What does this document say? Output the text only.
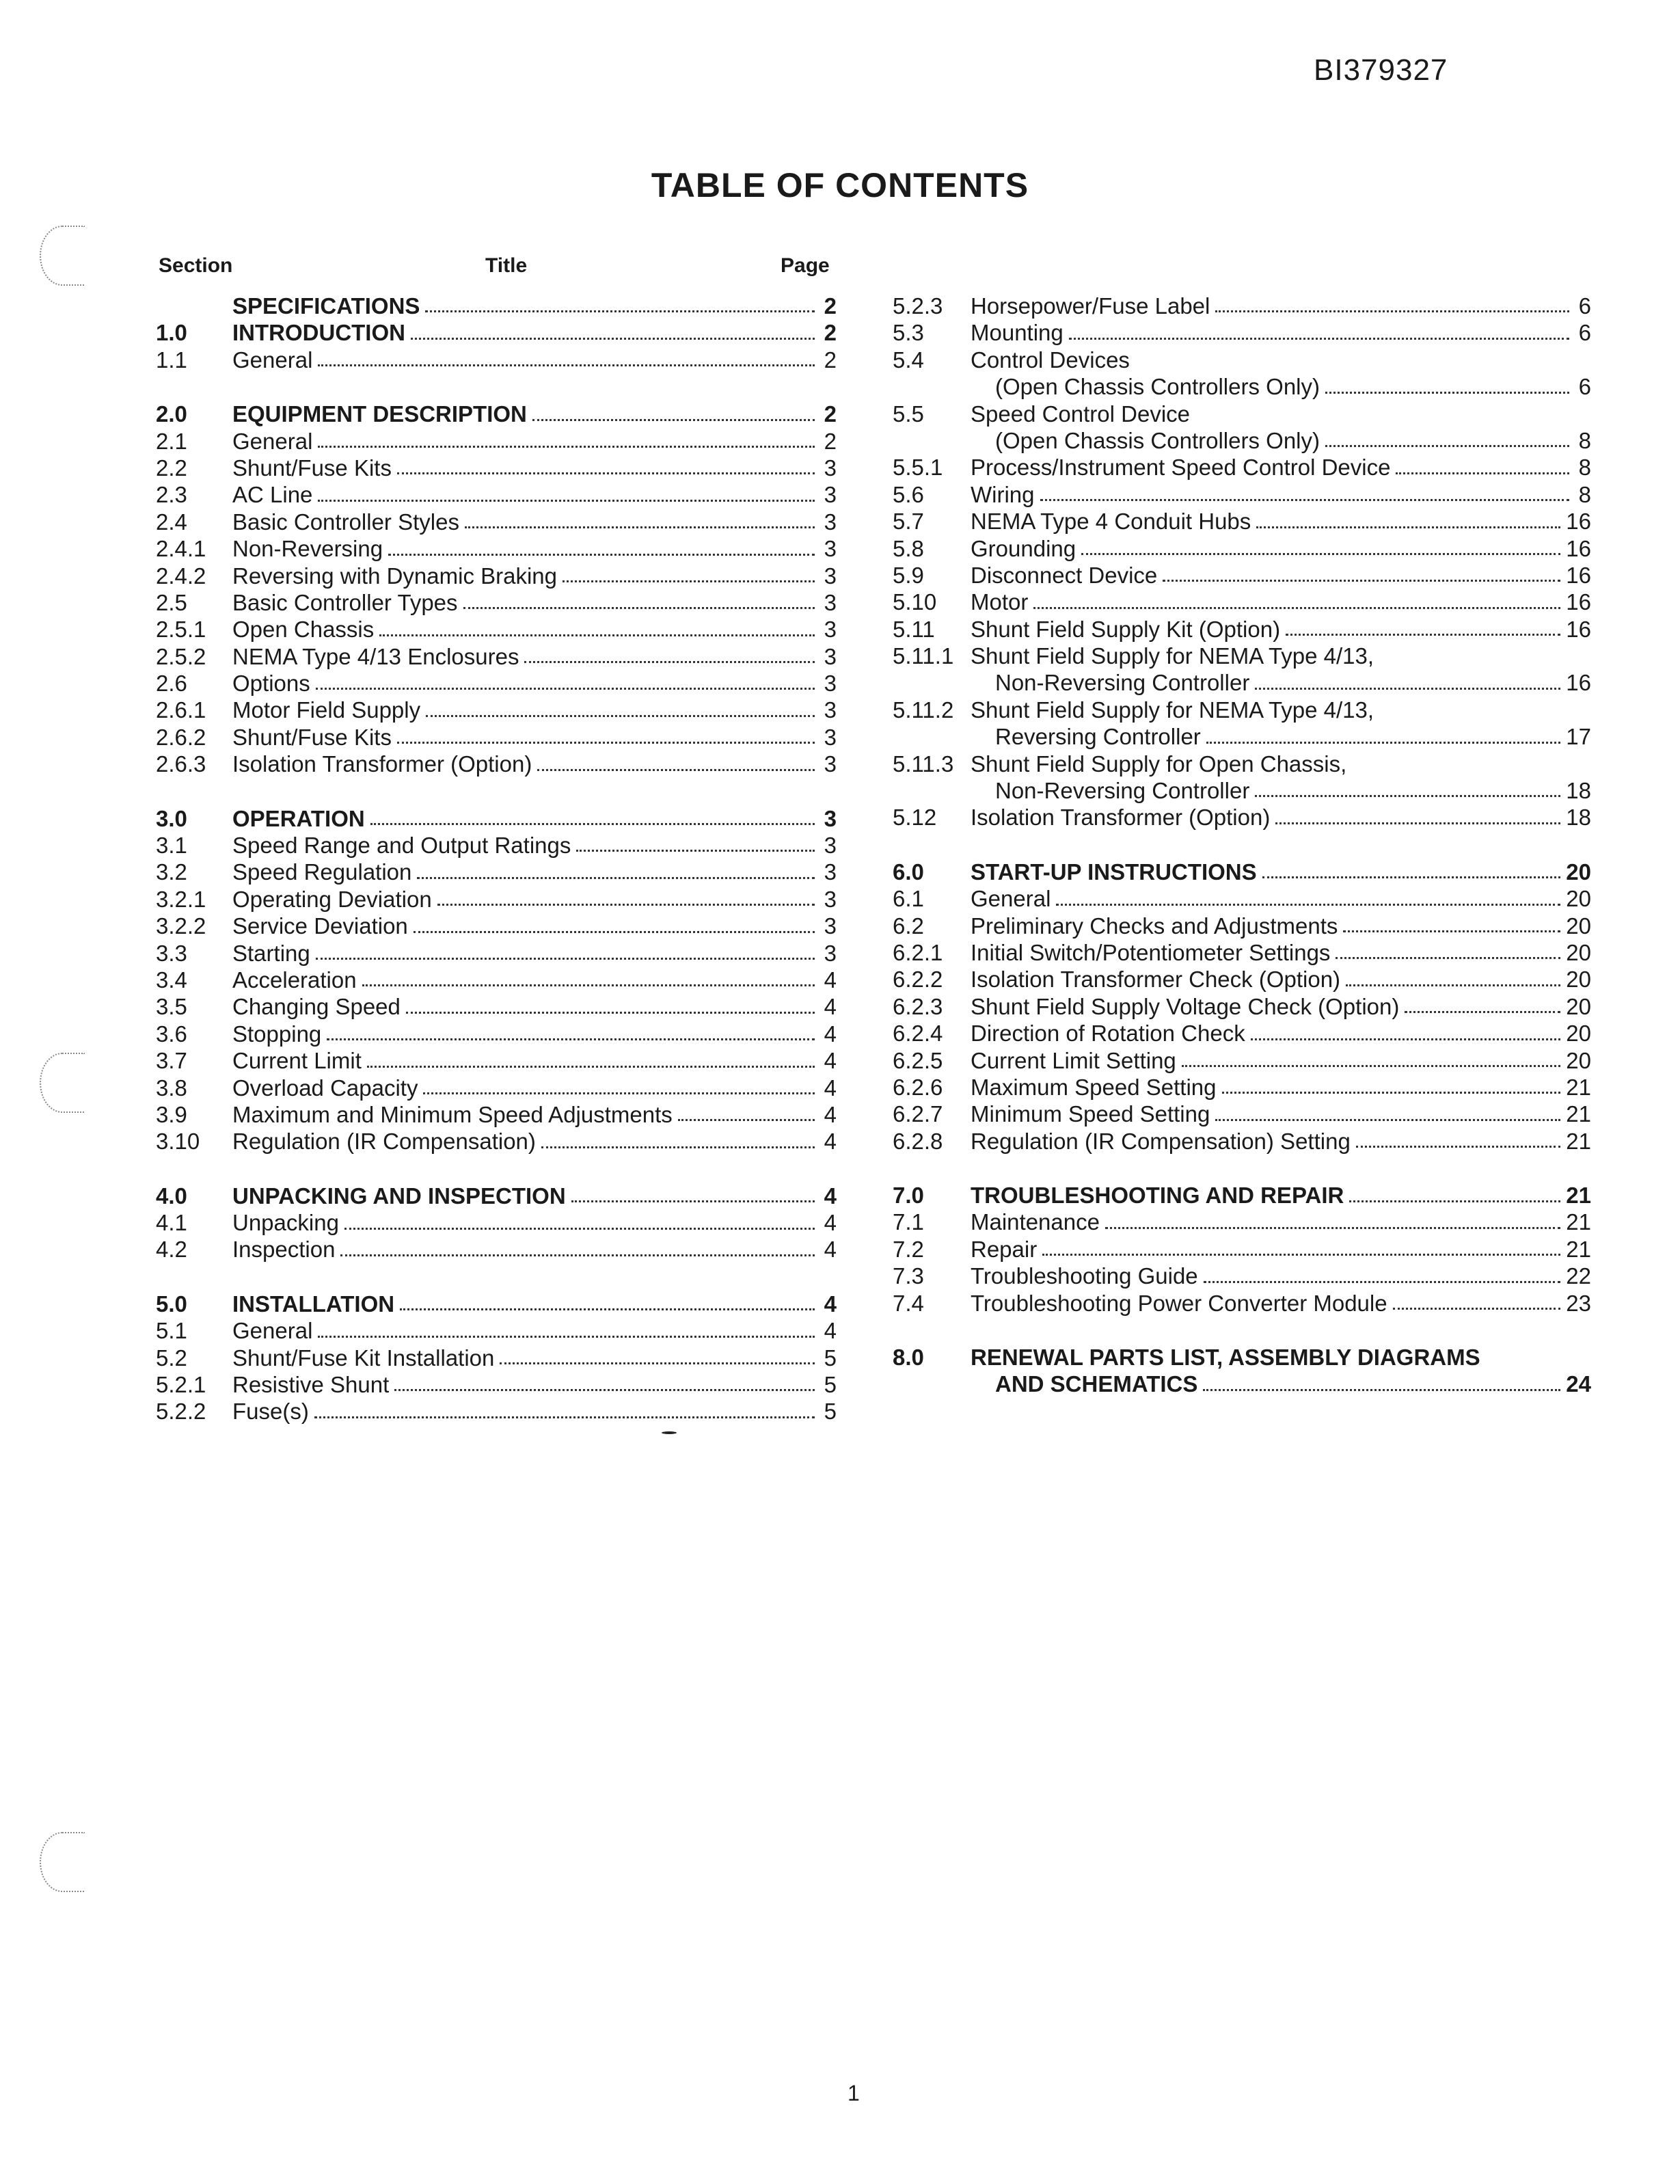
BI379327
TABLE OF CONTENTS
Section	Title	Page
SPECIFICATIONS	2
1.0	INTRODUCTION	2
1.1	General	2
2.0	EQUIPMENT DESCRIPTION	2
2.1	General	2
2.2	Shunt/Fuse Kits	3
2.3	AC Line	3
2.4	Basic Controller Styles	3
2.4.1	Non-Reversing	3
2.4.2	Reversing with Dynamic Braking	3
2.5	Basic Controller Types	3
2.5.1	Open Chassis	3
2.5.2	NEMA Type 4/13 Enclosures	3
2.6	Options	3
2.6.1	Motor Field Supply	3
2.6.2	Shunt/Fuse Kits	3
2.6.3	Isolation Transformer (Option)	3
3.0	OPERATION	3
3.1	Speed Range and Output Ratings	3
3.2	Speed Regulation	3
3.2.1	Operating Deviation	3
3.2.2	Service Deviation	3
3.3	Starting	3
3.4	Acceleration	4
3.5	Changing Speed	4
3.6	Stopping	4
3.7	Current Limit	4
3.8	Overload Capacity	4
3.9	Maximum and Minimum Speed Adjustments	4
3.10	Regulation (IR Compensation)	4
4.0	UNPACKING AND INSPECTION	4
4.1	Unpacking	4
4.2	Inspection	4
5.0	INSTALLATION	4
5.1	General	4
5.2	Shunt/Fuse Kit Installation	5
5.2.1	Resistive Shunt	5
5.2.2	Fuse(s)	5
5.2.3	Horsepower/Fuse Label	6
5.3	Mounting	6
5.4	Control Devices
(Open Chassis Controllers Only)	6
5.5	Speed Control Device
(Open Chassis Controllers Only)	8
5.5.1	Process/Instrument Speed Control Device	8
5.6	Wiring	8
5.7	NEMA Type 4 Conduit Hubs	16
5.8	Grounding	16
5.9	Disconnect Device	16
5.10	Motor	16
5.11	Shunt Field Supply Kit (Option)	16
5.11.1 Shunt Field Supply for NEMA Type 4/13,
Non-Reversing Controller	16
5.11.2 Shunt Field Supply for NEMA Type 4/13,
Reversing Controller	17
5.11.3 Shunt Field Supply for Open Chassis,
Non-Reversing Controller	18
5.12	Isolation Transformer (Option)	18
6.0	START-UP INSTRUCTIONS	20
6.1	General	20
6.2	Preliminary Checks and Adjustments	20
6.2.1	Initial Switch/Potentiometer Settings	20
6.2.2	Isolation Transformer Check (Option)	20
6.2.3	Shunt Field Supply Voltage Check (Option)	20
6.2.4	Direction of Rotation Check	20
6.2.5	Current Limit Setting	20
6.2.6	Maximum Speed Setting	21
6.2.7	Minimum Speed Setting	21
6.2.8	Regulation (IR Compensation) Setting	21
7.0	TROUBLESHOOTING AND REPAIR	21
7.1	Maintenance	21
7.2	Repair	21
7.3	Troubleshooting Guide	22
7.4	Troubleshooting Power Converter Module	23
8.0	RENEWAL PARTS LIST, ASSEMBLY DIAGRAMS
AND SCHEMATICS	24
1
